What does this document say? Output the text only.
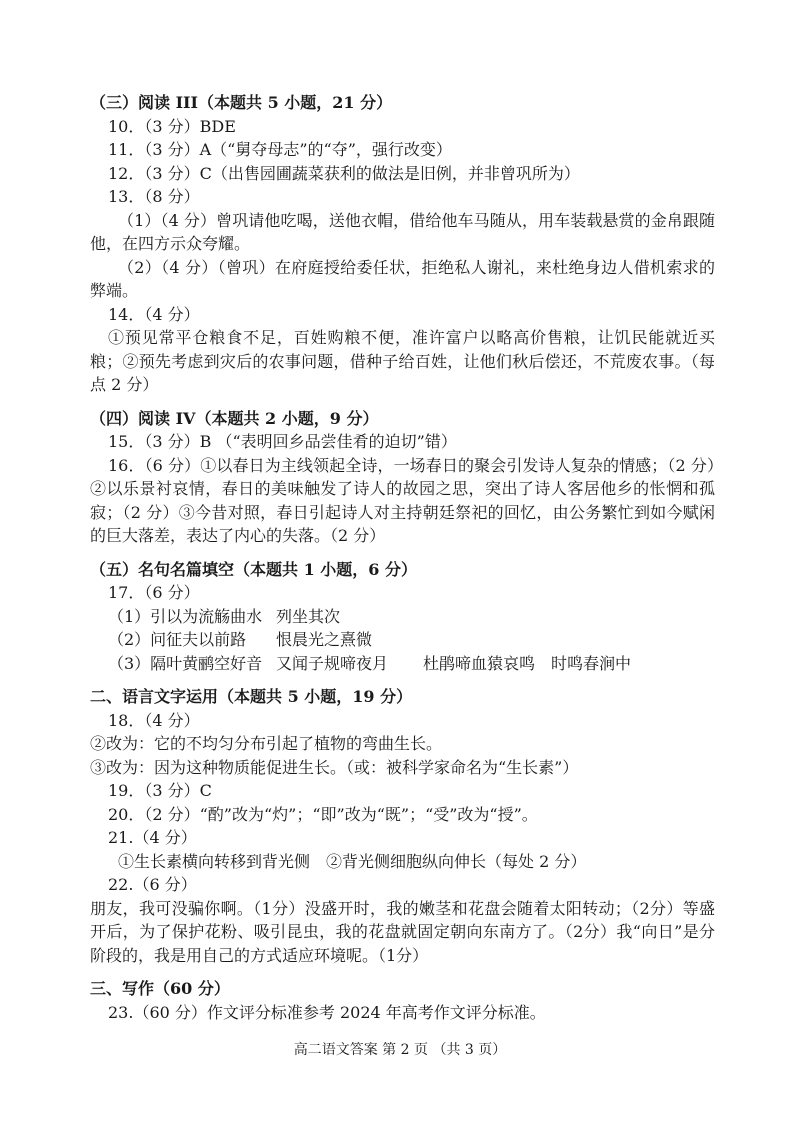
（三）阅读 III（本题共 5 小题，21 分）
10．（3 分）BDE
11．（3 分）A（“舅夺母志”的“夺”，强行改变）
12．（3 分）C（出售园圃蔬菜获利的做法是旧例，并非曾巩所为）
13．（8 分）
（1）（4 分）曾巩请他吃喝，送他衣帽，借给他车马随从，用车装载悬赏的金帛跟随他，在四方示众夸耀。
（2）（4 分）（曾巩）在府庭授给委任状，拒绝私人谢礼，来杜绝身边人借机索求的弊端。
14．（4 分）
①预见常平仓粮食不足，百姓购粮不便，准许富户以略高价售粮，让饥民能就近买粮；②预先考虑到灾后的农事问题，借种子给百姓，让他们秋后偿还，不荒废农事。（每点 2 分）
（四）阅读 IV（本题共 2 小题，9 分）
15．（3 分）B （“表明回乡品尝佳肴的迫切”错）
16．（6 分）①以春日为主线领起全诗，一场春日的聚会引发诗人复杂的情感；（2 分）②以乐景衬哀情，春日的美味触发了诗人的故园之思，突出了诗人客居他乡的怅惘和孤寂；（2 分）③今昔对照，春日引起诗人对主持朝廷祭祀的回忆，由公务繁忙到如今赋闲的巨大落差，表达了内心的失落。（2 分）
（五）名句名篇填空（本题共 1 小题，6 分）
17．（6 分）
（1）引以为流觞曲水 列坐其次
（2）问征夫以前路 恨晨光之熹微
（3）隔叶黄鹂空好音 又闻子规啼夜月 杜鹃啼血猿哀鸣 时鸣春涧中
二、语言文字运用（本题共 5 小题，19 分）
18．（4 分）
②改为：它的不均匀分布引起了植物的弯曲生长。
③改为：因为这种物质能促进生长。（或：被科学家命名为“生长素”）
19．（3 分）C
20．（2 分）“酌”改为“灼”；“即”改为“既”；“受”改为“授”。
21.（4 分）
①生长素横向转移到背光侧　②背光侧细胞纵向伸长（每处 2 分）
22.（6 分）
朋友，我可没骗你啊。（1分）没盛开时，我的嫩茎和花盘会随着太阳转动；（2分）等盛开后，为了保护花粉、吸引昆虫，我的花盘就固定朝向东南方了。（2分）我“向日”是分阶段的，我是用自己的方式适应环境呢。（1分）
三、写作（60 分）
23.（60 分）作文评分标准参考 2024 年高考作文评分标准。
高二语文答案 第 2 页 （共 3 页）
